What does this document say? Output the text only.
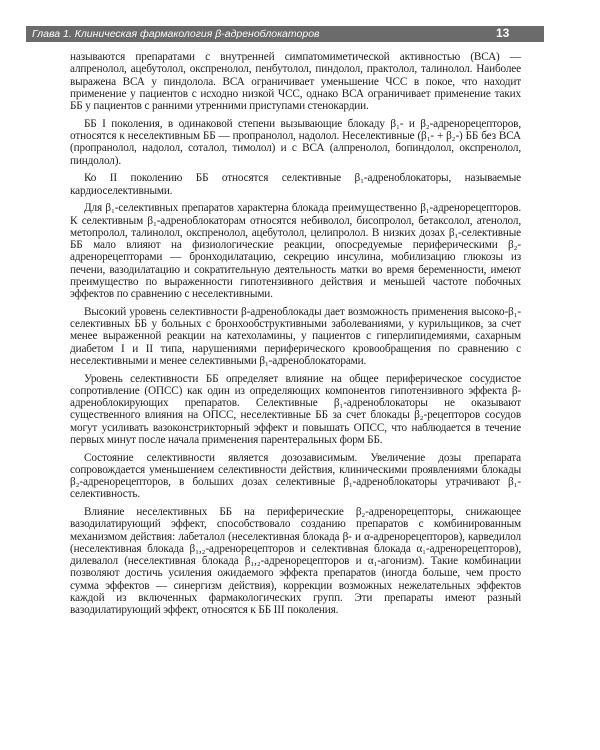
Глава 1. Клиническая фармакология β-адреноблокаторов	13

называются препаратами с внутренней симпатомиметической активностью (ВСА) — алпренолол, ацебутолол, окспренолол, пенбутолол, пиндолол, практолол, талинолол. Наиболее выражена ВСА у пиндолола. ВСА ограничивает уменьшение ЧСС в покое, что находит применение у пациентов с исходно низкой ЧСС, однако ВСА ограничивает применение таких ББ у пациентов с ранними утренними приступами стенокардии.

ББ I поколения, в одинаковой степени вызывающие блокаду β₁- и β₂-адренорецепторов, относятся к неселективным ББ — пропранолол, надолол. Неселективные (β₁- + β₂-) ББ без ВСА (пропранолол, надолол, соталол, тимолол) и с ВСА (алпренолол, бопиндолол, окспренолол, пиндолол).

Ко II поколению ББ относятся селективные β₁-адреноблокаторы, называемые кардиоселективными.

Для β₁-селективных препаратов характерна блокада преимущественно β₁-адренорецепторов. К селективным β₁-адреноблокаторам относятся небиволол, бисопролол, бетаксолол, атенолол, метопролол, талинолол, окспренолол, ацебутолол, целипролол. В низких дозах β₁-селективные ББ мало влияют на физиологические реакции, опосредуемые периферическими β₂-адренорецепторами — бронходилатацию, секрецию инсулина, мобилизацию глюкозы из печени, вазодилатацию и сократительную деятельность матки во время беременности, имеют преимущество по выраженности гипотензивного действия и меньшей частоте побочных эффектов по сравнению с неселективными.

Высокий уровень селективности β-адреноблокады дает возможность применения высоко-β₁-селективных ББ у больных с бронхообструктивными заболеваниями, у курильщиков, за счет менее выраженной реакции на катехоламины, у пациентов с гиперлипидемиями, сахарным диабетом I и II типа, нарушениями периферического кровообращения по сравнению с неселективными и менее селективными β₁-адреноблокаторами.

Уровень селективности ББ определяет влияние на общее периферическое сосудистое сопротивление (ОПСС) как один из определяющих компонентов гипотензивного эффекта β-адреноблокирующих препаратов. Селективные β₁-адреноблокаторы не оказывают существенного влияния на ОПСС, неселективные ББ за счет блокады β₂-рецепторов сосудов могут усиливать вазоконстрикторный эффект и повышать ОПСС, что наблюдается в течение первых минут после начала применения парентеральных форм ББ.

Состояние селективности является дозозависимым. Увеличение дозы препарата сопровождается уменьшением селективности действия, клиническими проявлениями блокады β₂-адренорецепторов, в больших дозах селективные β₁-адреноблокаторы утрачивают β₁-селективность.

Влияние неселективных ББ на периферические β₂-адренорецепторы, снижающее вазодилатирующий эффект, способствовало созданию препаратов с комбинированным механизмом действия: лабеталол (неселективная блокада β- и α-адренорецепторов), карведилол (неселективная блокада β₁,₂-адренорецепторов и селективная блокада α₁-адренорецепторов), дилевалол (неселективная блокада β₁,₂-адренорецепторов и α₁-агонизм). Такие комбинации позволяют достичь усиления ожидаемого эффекта препаратов (иногда больше, чем просто сумма эффектов — синергизм действия), коррекции возможных нежелательных эффектов каждой из включенных фармакологических групп. Эти препараты имеют разный вазодилатирующий эффект, относятся к ББ III поколения.
